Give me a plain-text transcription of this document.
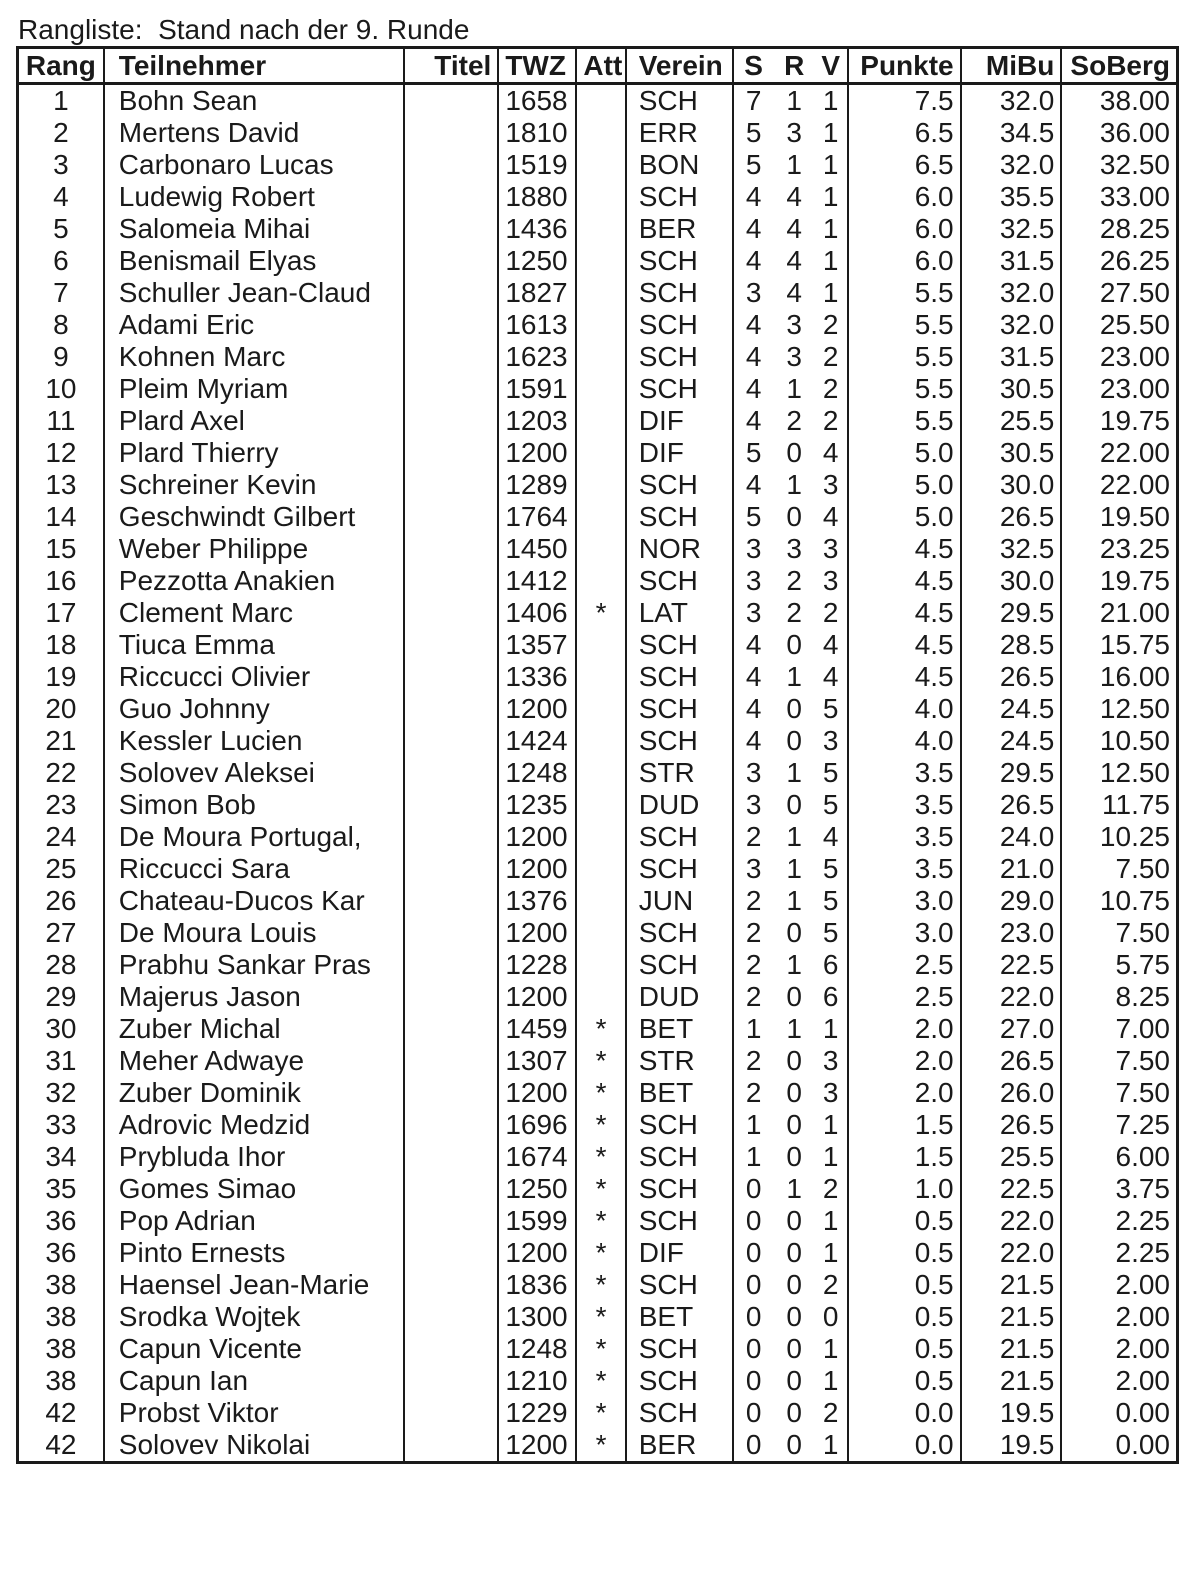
Rangliste:  Stand nach der 9. Runde
Rang	Teilnehmer	Titel	TWZ	Att	Verein	S	R	V	Punkte	MiBu	SoBerg
1	Bohn Sean		1658		SCH	7	1	1	7.5	32.0	38.00
2	Mertens David		1810		ERR	5	3	1	6.5	34.5	36.00
3	Carbonaro Lucas		1519		BON	5	1	1	6.5	32.0	32.50
4	Ludewig Robert		1880		SCH	4	4	1	6.0	35.5	33.00
5	Salomeia Mihai		1436		BER	4	4	1	6.0	32.5	28.25
6	Benismail Elyas		1250		SCH	4	4	1	6.0	31.5	26.25
7	Schuller Jean-Claud		1827		SCH	3	4	1	5.5	32.0	27.50
8	Adami Eric		1613		SCH	4	3	2	5.5	32.0	25.50
9	Kohnen Marc		1623		SCH	4	3	2	5.5	31.5	23.00
10	Pleim Myriam		1591		SCH	4	1	2	5.5	30.5	23.00
11	Plard Axel		1203		DIF	4	2	2	5.5	25.5	19.75
12	Plard Thierry		1200		DIF	5	0	4	5.0	30.5	22.00
13	Schreiner Kevin		1289		SCH	4	1	3	5.0	30.0	22.00
14	Geschwindt Gilbert		1764		SCH	5	0	4	5.0	26.5	19.50
15	Weber Philippe		1450		NOR	3	3	3	4.5	32.5	23.25
16	Pezzotta Anakien		1412		SCH	3	2	3	4.5	30.0	19.75
17	Clement Marc		1406	*	LAT	3	2	2	4.5	29.5	21.00
18	Tiuca Emma		1357		SCH	4	0	4	4.5	28.5	15.75
19	Riccucci Olivier		1336		SCH	4	1	4	4.5	26.5	16.00
20	Guo Johnny		1200		SCH	4	0	5	4.0	24.5	12.50
21	Kessler Lucien		1424		SCH	4	0	3	4.0	24.5	10.50
22	Solovev Aleksei		1248		STR	3	1	5	3.5	29.5	12.50
23	Simon Bob		1235		DUD	3	0	5	3.5	26.5	11.75
24	De Moura Portugal,		1200		SCH	2	1	4	3.5	24.0	10.25
25	Riccucci Sara		1200		SCH	3	1	5	3.5	21.0	7.50
26	Chateau-Ducos Kar		1376		JUN	2	1	5	3.0	29.0	10.75
27	De Moura Louis		1200		SCH	2	0	5	3.0	23.0	7.50
28	Prabhu Sankar Pras		1228		SCH	2	1	6	2.5	22.5	5.75
29	Majerus Jason		1200		DUD	2	0	6	2.5	22.0	8.25
30	Zuber Michal		1459	*	BET	1	1	1	2.0	27.0	7.00
31	Meher Adwaye		1307	*	STR	2	0	3	2.0	26.5	7.50
32	Zuber Dominik		1200	*	BET	2	0	3	2.0	26.0	7.50
33	Adrovic Medzid		1696	*	SCH	1	0	1	1.5	26.5	7.25
34	Prybluda Ihor		1674	*	SCH	1	0	1	1.5	25.5	6.00
35	Gomes Simao		1250	*	SCH	0	1	2	1.0	22.5	3.75
36	Pop Adrian		1599	*	SCH	0	0	1	0.5	22.0	2.25
36	Pinto Ernests		1200	*	DIF	0	0	1	0.5	22.0	2.25
38	Haensel Jean-Marie		1836	*	SCH	0	0	2	0.5	21.5	2.00
38	Srodka Wojtek		1300	*	BET	0	0	0	0.5	21.5	2.00
38	Capun Vicente		1248	*	SCH	0	0	1	0.5	21.5	2.00
38	Capun Ian		1210	*	SCH	0	0	1	0.5	21.5	2.00
42	Probst Viktor		1229	*	SCH	0	0	2	0.0	19.5	0.00
42	Solovev Nikolai		1200	*	BER	0	0	1	0.0	19.5	0.00
